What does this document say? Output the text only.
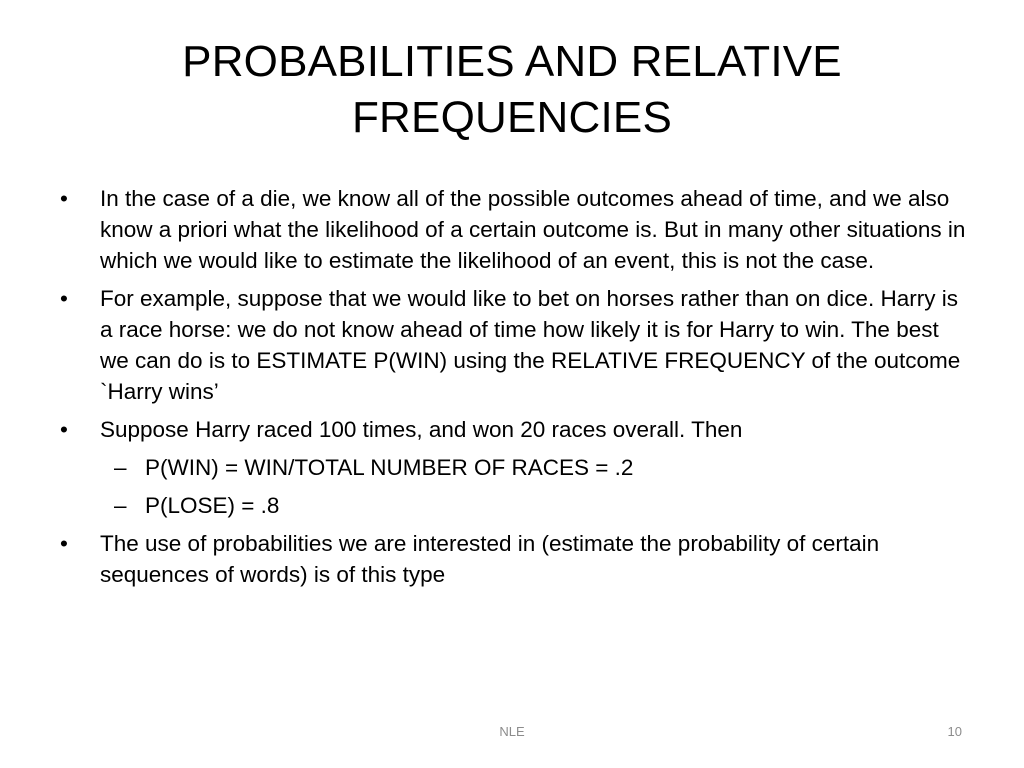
PROBABILITIES AND RELATIVE
FREQUENCIES
•	In the case of a die, we know all of the possible outcomes ahead of time, and we also know a priori what the likelihood of a certain outcome is. But in many other situations in which we would like to estimate the likelihood of an event, this is not the case.
•	For example, suppose that we would like to bet on horses rather than on dice. Harry is a race horse: we do not know ahead of time how likely it is for Harry to win. The best we can do is to ESTIMATE P(WIN) using the RELATIVE FREQUENCY of the outcome `Harry wins’
•	Suppose Harry raced 100 times, and won 20 races overall. Then
– P(WIN) = WIN/TOTAL NUMBER OF RACES = .2
– P(LOSE) = .8
•	The use of probabilities we are interested in (estimate the probability of certain sequences of words) is of this type
NLE	10
